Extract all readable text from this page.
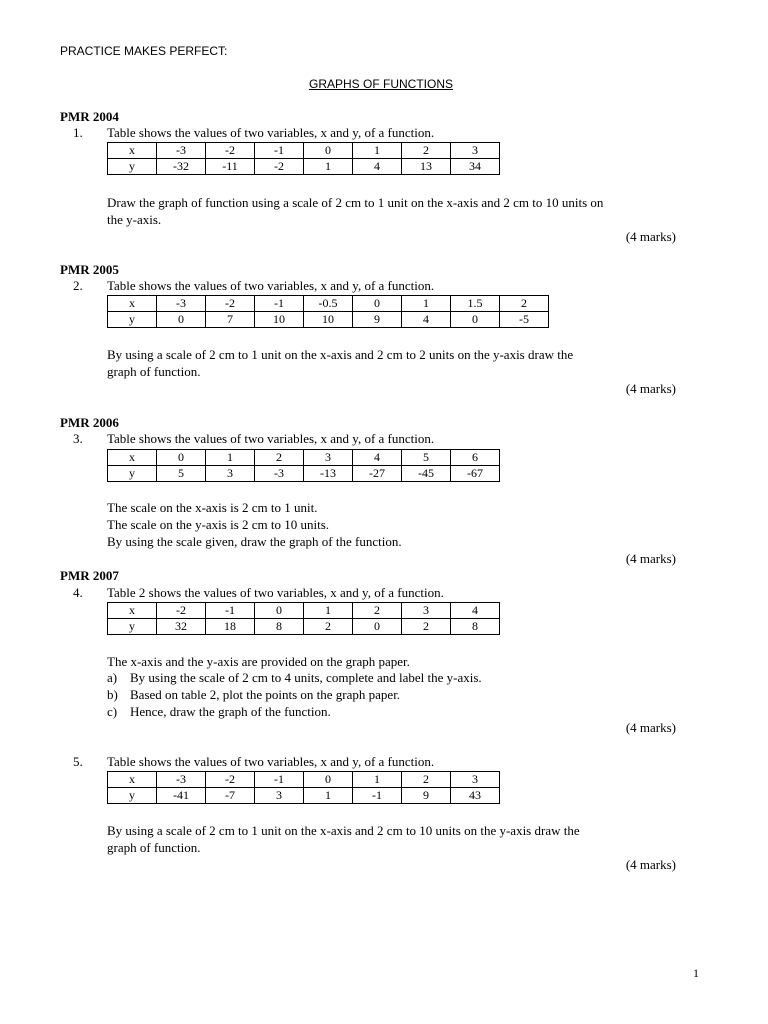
PRACTICE MAKES PERFECT:
GRAPHS OF FUNCTIONS
PMR 2004
1. Table shows the values of two variables, x and y, of a function.
x	-3	-2	-1	0	1	2	3
y	-32	-11	-2	1	4	13	34
Draw the graph of function using a scale of 2 cm to 1 unit on the x-axis and 2 cm to 10 units on
the y-axis.
(4 marks)
PMR 2005
2. Table shows the values of two variables, x and y, of a function.
x	-3	-2	-1	-0.5	0	1	1.5	2
y	0	7	10	10	9	4	0	-5
By using a scale of 2 cm to 1 unit on the x-axis and 2 cm to 2 units on the y-axis draw the
graph of function.
(4 marks)
PMR 2006
3. Table shows the values of two variables, x and y, of a function.
x	0	1	2	3	4	5	6
y	5	3	-3	-13	-27	-45	-67
The scale on the x-axis is 2 cm to 1 unit.
The scale on the y-axis is 2 cm to 10 units.
By using the scale given, draw the graph of the function.
(4 marks)
PMR 2007
4. Table 2 shows the values of two variables, x and y, of a function.
x	-2	-1	0	1	2	3	4
y	32	18	8	2	0	2	8
The x-axis and the y-axis are provided on the graph paper.
a) By using the scale of 2 cm to 4 units, complete and label the y-axis.
b) Based on table 2, plot the points on the graph paper.
c) Hence, draw the graph of the function.
(4 marks)
5. Table shows the values of two variables, x and y, of a function.
x	-3	-2	-1	0	1	2	3
y	-41	-7	3	1	-1	9	43
By using a scale of 2 cm to 1 unit on the x-axis and 2 cm to 10 units on the y-axis draw the
graph of function.
(4 marks)
1
